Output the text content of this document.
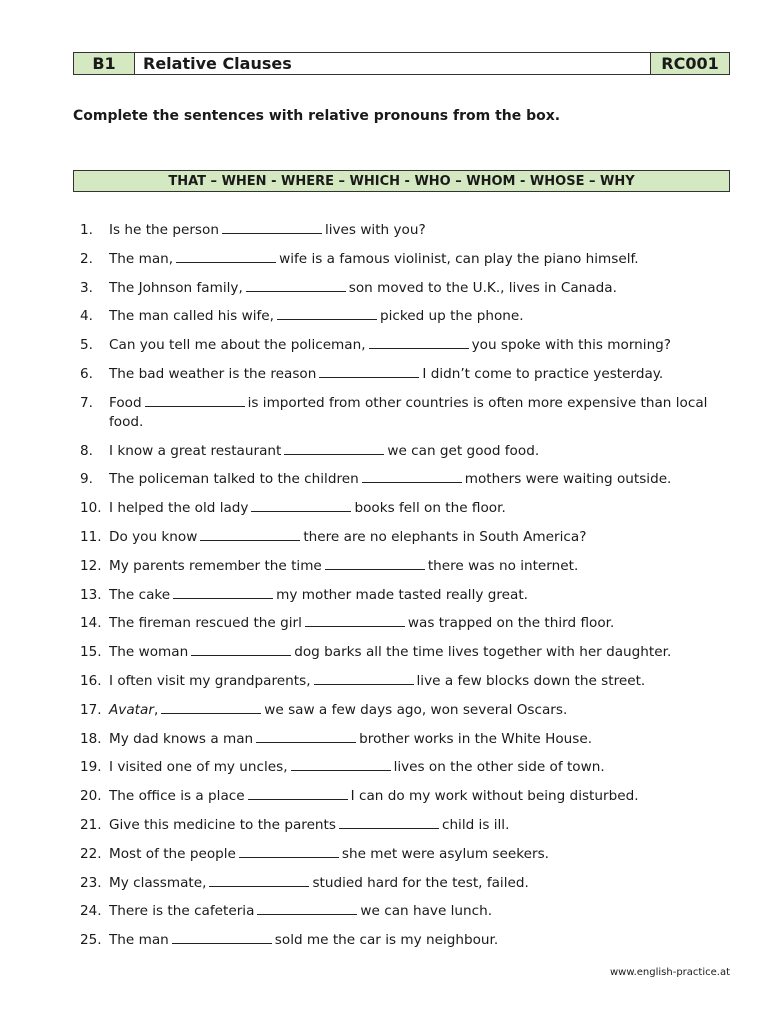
B1	Relative Clauses	RC001
Complete the sentences with relative pronouns from the box.
THAT – WHEN - WHERE – WHICH - WHO – WHOM - WHOSE – WHY
1.	Is he the person	lives with you?
2.	The man,	wife is a famous violinist, can play the piano himself.
3.	The Johnson family,	son moved to the U.K., lives in Canada.
4.	The man called his wife,	picked up the phone.
5.	Can you tell me about the policeman,	you spoke with this morning?
6.	The bad weather is the reason	I didn’t come to practice yesterday.
7.	Food	is imported from other countries is often more expensive than local food.
8.	I know a great restaurant	we can get good food.
9.	The policeman talked to the children	mothers were waiting outside.
10. I helped the old lady	books fell on the floor.
11. Do you know	there are no elephants in South America?
12. My parents remember the time	there was no internet.
13. The cake	my mother made tasted really great.
14. The fireman rescued the girl	was trapped on the third floor.
15. The woman	dog barks all the time lives together with her daughter.
16. I often visit my grandparents,	live a few blocks down the street.
17. Avatar,	we saw a few days ago, won several Oscars.
18. My dad knows a man	brother works in the White House.
19. I visited one of my uncles,	lives on the other side of town.
20. The office is a place	I can do my work without being disturbed.
21. Give this medicine to the parents	child is ill.
22. Most of the people	she met were asylum seekers.
23. My classmate,	studied hard for the test, failed.
24. There is the cafeteria	we can have lunch.
25. The man	sold me the car is my neighbour.
www.english-practice.at
